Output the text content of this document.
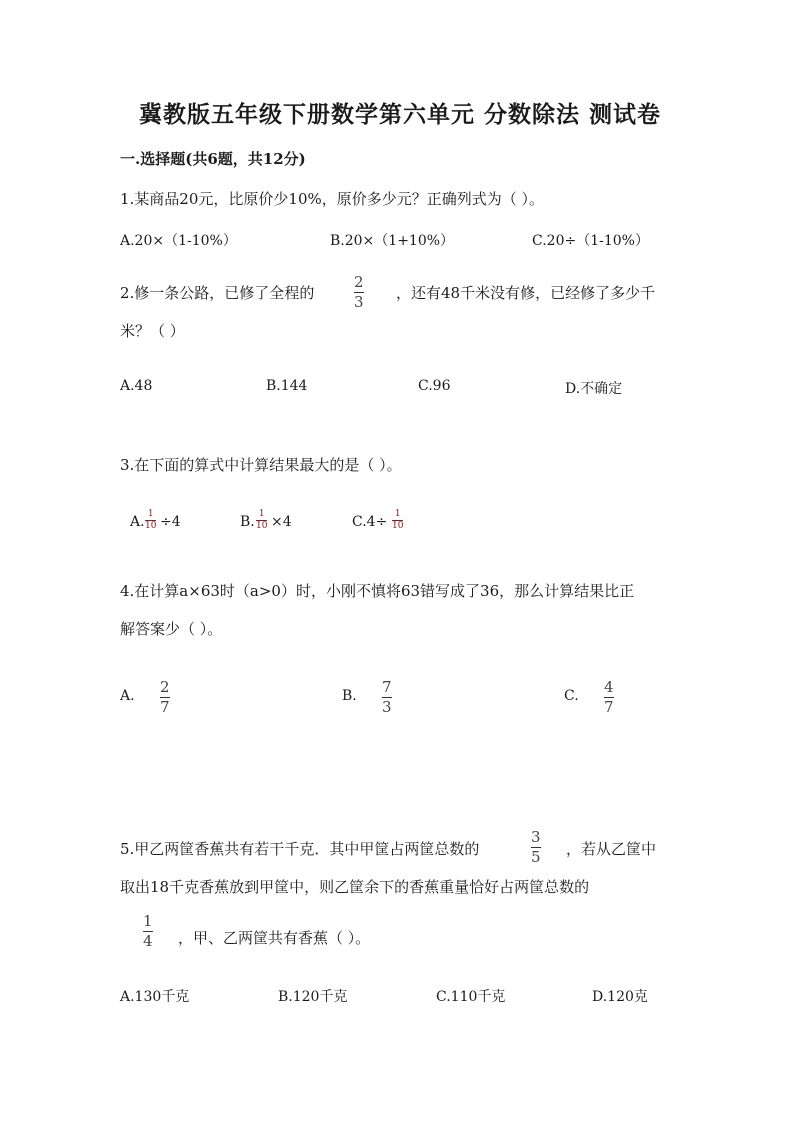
冀教版五年级下册数学第六单元 分数除法 测试卷
一.选择题(共6题，共12分)
1.某商品20元，比原价少10%，原价多少元？正确列式为（ ）。
A.20×（1-10%）	B.20×（1+10%）	C.20÷（1-10%）
2.修一条公路，已修了全程的
2
3 ，还有48千米没有修，已经修了多少千
米？（ ）
A.48	B.144	C.96	D.不确定
3.在下面的算式中计算结果最大的是（ ）。
A. 1
10 ÷4	B. 1
10 ×4	C.4÷ 1
10
4.在计算a×63时（a>0）时，小刚不慎将63错写成了36，那么计算结果比正
解答案少（ ）。
A. 2
7
B. 7
3
C. 4
7
5.甲乙两筐香蕉共有若干千克．其中甲筐占两筐总数的
3
5 ，若从乙筐中
取出18千克香蕉放到甲筐中，则乙筐余下的香蕉重量恰好占两筐总数的
1
4 ，甲、乙两筐共有香蕉（ ）。
A.130千克	B.120千克	C.110千克	D.120克
